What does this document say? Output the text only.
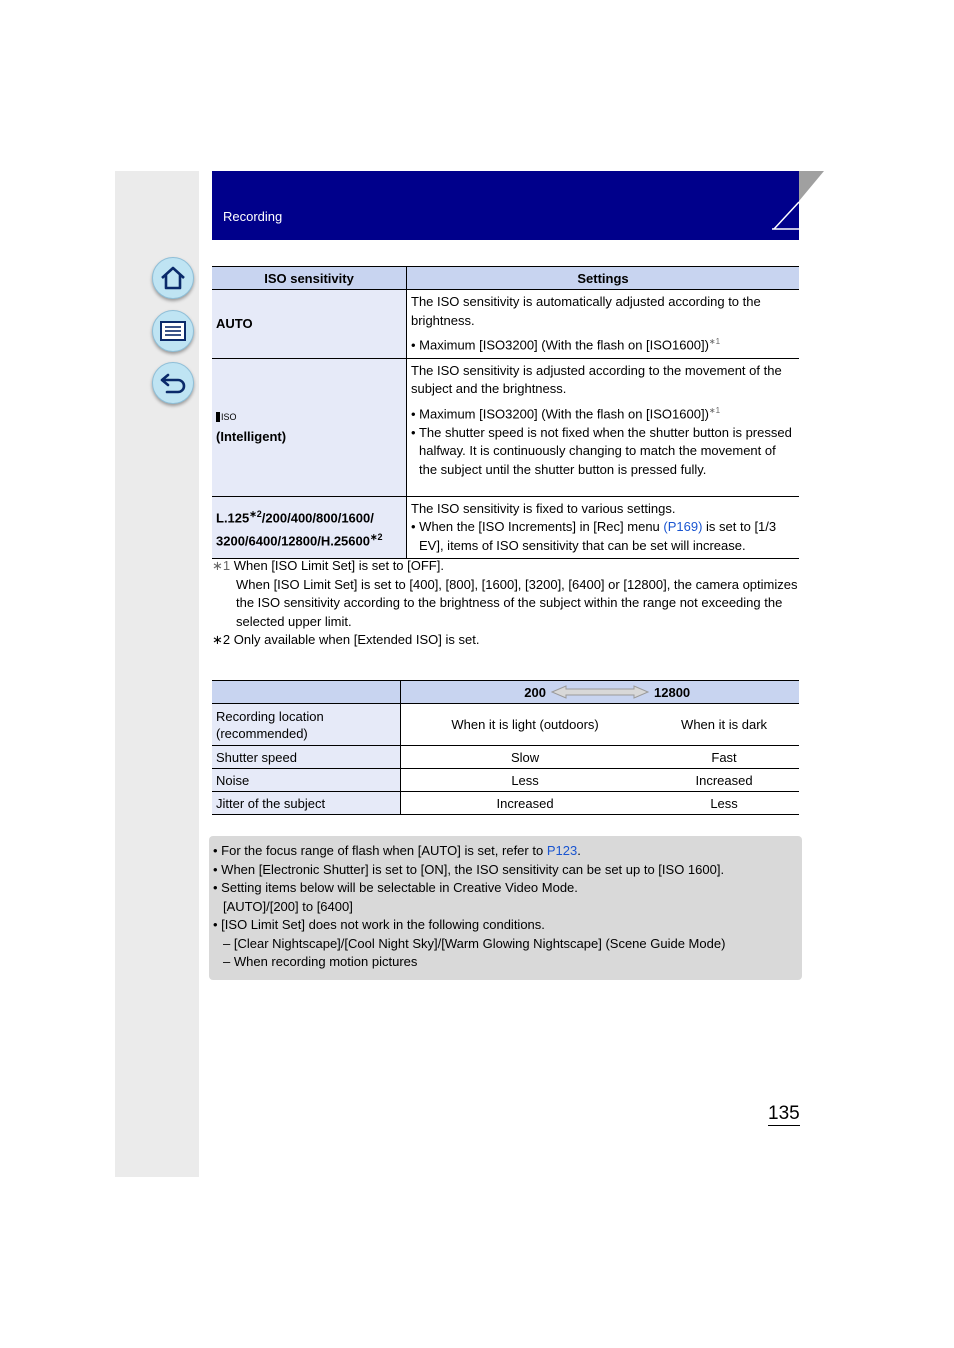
Recording
ISO sensitivity	Settings
AUTO	The ISO sensitivity is automatically adjusted according to the brightness.
• Maximum [ISO3200] (With the flash on [ISO1600])$^{∗1}$

ISO

(Intelligent)	The ISO sensitivity is adjusted according to the movement of the subject and the brightness.
• Maximum [ISO3200] (With the flash on [ISO1600])$^{∗1}$
• The shutter speed is not fixed when the shutter button is pressed halfway. It is continuously changing to match the movement of the subject until the shutter button is pressed fully.

$L.125^{∗2}/200/400/800/1600/$
$3200/6400/12800/H.25600^{∗2}$	The ISO sensitivity is fixed to various settings.
• When the [ISO Increments] in [Rec] menu (P169) is set to [1/3 EV], items of ISO sensitivity that can be set will increase.
∗1 When [ISO Limit Set] is set to [OFF].
When [ISO Limit Set] is set to [400], [800], [1600], [3200], [6400] or [12800], the camera optimizes the ISO sensitivity according to the brightness of the subject within the range not exceeding the selected upper limit.
∗2 Only available when [Extended ISO] is set.

	200 12800	

Recording location (recommended)	When it is light (outdoors)	When it is dark
Shutter speed	Slow	Fast
Noise	Less	Increased
Jitter of the subject	Increased	Less
• For the focus range of flash when [AUTO] is set, refer to P123.
• When [Electronic Shutter] is set to [ON], the ISO sensitivity can be set up to [ISO 1600].
• Setting items below will be selectable in Creative Video Mode.
[AUTO]/[200] to [6400]
• [ISO Limit Set] does not work in the following conditions.
– [Clear Nightscape]/[Cool Night Sky]/[Warm Glowing Nightscape] (Scene Guide Mode)
– When recording motion pictures
135
